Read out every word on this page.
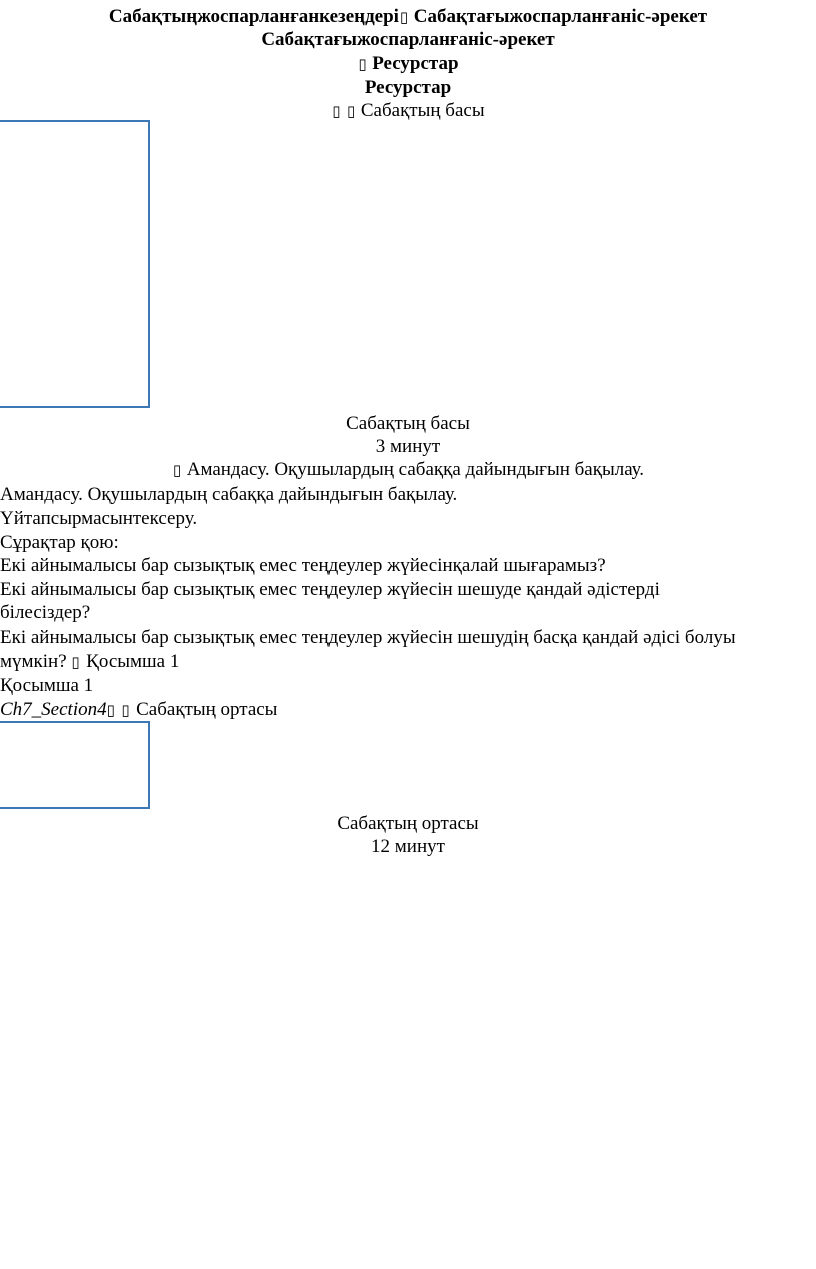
Сабақтыңжоспарланғанкезеңдері▯ Сабақтағыжоспарланғаніс-әрекет
Сабақтағыжоспарланғаніс-әрекет
▯ Ресурстар
Ресурстар
▯ ▯ Сабақтың басы
Сабақтың басы
3 минут
▯ Амандасу. Оқушылардың сабаққа дайындығын бақылау.
Амандасу. Оқушылардың сабаққа дайындығын бақылау.
Үйтапсырмасынтексеру.
Сұрақтар қою:
Екі айнымалысы бар сызықтық емес теңдеулер жүйесінқалай шығарамыз?
Екі айнымалысы бар сызықтық емес теңдеулер жүйесін шешуде қандай әдістерді
білесіздер?
Екі айнымалысы бар сызықтық емес теңдеулер жүйесін шешудің басқа қандай әдісі болуы
мүмкін? ▯ Қосымша 1
Қосымша 1
Ch7_Section4▯ ▯ Сабақтың ортасы
Сабақтың ортасы
12 минут
